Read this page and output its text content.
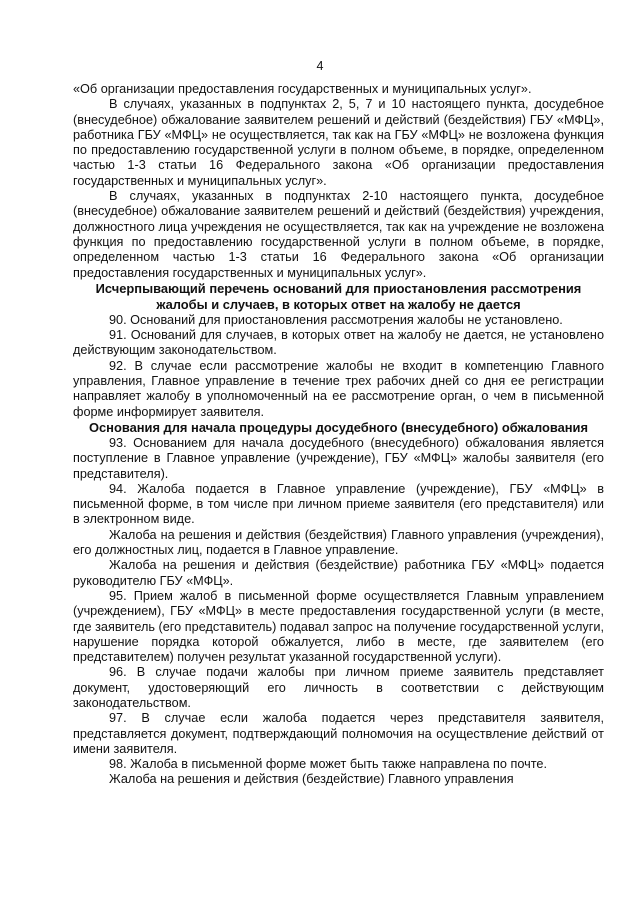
4

«Об организации предоставления государственных и муниципальных услуг».

В случаях, указанных в подпунктах 2, 5, 7 и 10 настоящего пункта, досудебное (внесудебное) обжалование заявителем решений и действий (бездействия) ГБУ «МФЦ», работника ГБУ «МФЦ» не осуществляется, так как на ГБУ «МФЦ» не возложена функция по предоставлению государственной услуги в полном объеме, в порядке, определенном частью 1-3 статьи 16 Федерального закона «Об организации предоставления государственных и муниципальных услуг».

В случаях, указанных в подпунктах 2-10 настоящего пункта, досудебное (внесудебное) обжалование заявителем решений и действий (бездействия) учреждения, должностного лица учреждения не осуществляется, так как на учреждение не возложена функция по предоставлению государственной услуги в полном объеме, в порядке, определенном частью 1-3 статьи 16 Федерального закона «Об организации предоставления государственных и муниципальных услуг».

Исчерпывающий перечень оснований для приостановления рассмотрения жалобы и случаев, в которых ответ на жалобу не дается

90. Оснований для приостановления рассмотрения жалобы не установлено.

91. Оснований для случаев, в которых ответ на жалобу не дается, не установлено действующим законодательством.

92. В случае если рассмотрение жалобы не входит в компетенцию Главного управления, Главное управление в течение трех рабочих дней со дня ее регистрации направляет жалобу в уполномоченный на ее рассмотрение орган, о чем в письменной форме информирует заявителя.

Основания для начала процедуры досудебного (внесудебного) обжалования

93. Основанием для начала досудебного (внесудебного) обжалования является поступление в Главное управление (учреждение), ГБУ «МФЦ» жалобы заявителя (его представителя).

94. Жалоба подается в Главное управление (учреждение), ГБУ «МФЦ» в письменной форме, в том числе при личном приеме заявителя (его представителя) или в электронном виде.

Жалоба на решения и действия (бездействия) Главного управления (учреждения), его должностных лиц, подается в Главное управление.

Жалоба на решения и действия (бездействие) работника ГБУ «МФЦ» подается руководителю ГБУ «МФЦ».

95. Прием жалоб в письменной форме осуществляется Главным управлением (учреждением), ГБУ «МФЦ» в месте предоставления государственной услуги (в месте, где заявитель (его представитель) подавал запрос на получение государственной услуги, нарушение порядка которой обжалуется, либо в месте, где заявителем (его представителем) получен результат указанной государственной услуги).

96. В случае подачи жалобы при личном приеме заявитель представляет документ, удостоверяющий его личность в соответствии с действующим законодательством.

97. В случае если жалоба подается через представителя заявителя, представляется документ, подтверждающий полномочия на осуществление действий от имени заявителя.

98. Жалоба в письменной форме может быть также направлена по почте.

Жалоба на решения и действия (бездействие) Главного управления
